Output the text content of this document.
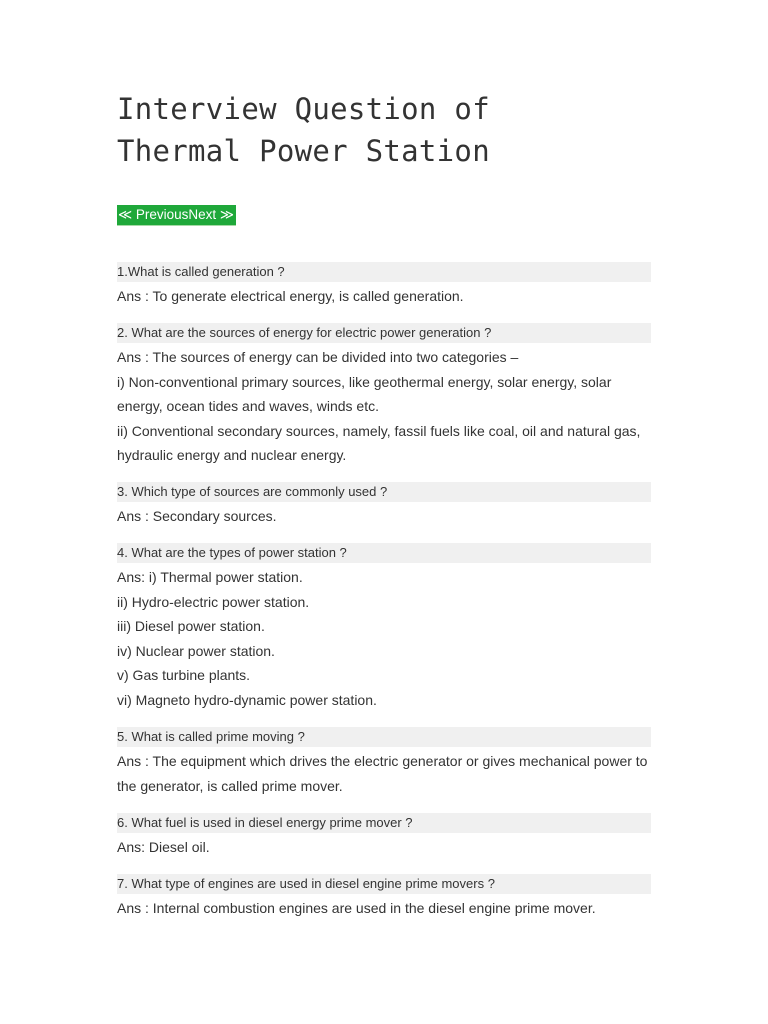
Interview Question of
Thermal Power Station
≪ PreviousNext ≫
1.What is called generation ?

Ans : To generate electrical energy, is called generation.

2. What are the sources of energy for electric power generation ?

Ans : The sources of energy can be divided into two categories –

i) Non-conventional primary sources, like geothermal energy, solar energy, solar energy, ocean tides and waves, winds etc.

ii) Conventional secondary sources, namely, fassil fuels like coal, oil and natural gas, hydraulic energy and nuclear energy.

3. Which type of sources are commonly used ?

Ans : Secondary sources.

4. What are the types of power station ?

Ans: i) Thermal power station.

ii) Hydro-electric power station.

iii) Diesel power station.

iv) Nuclear power station.

v) Gas turbine plants.

vi) Magneto hydro-dynamic power station.

5. What is called prime moving ?

Ans : The equipment which drives the electric generator or gives mechanical power to the generator, is called prime mover.

6. What fuel is used in diesel energy prime mover ?

Ans: Diesel oil.

7. What type of engines are used in diesel engine prime movers ?

Ans : Internal combustion engines are used in the diesel engine prime mover.
